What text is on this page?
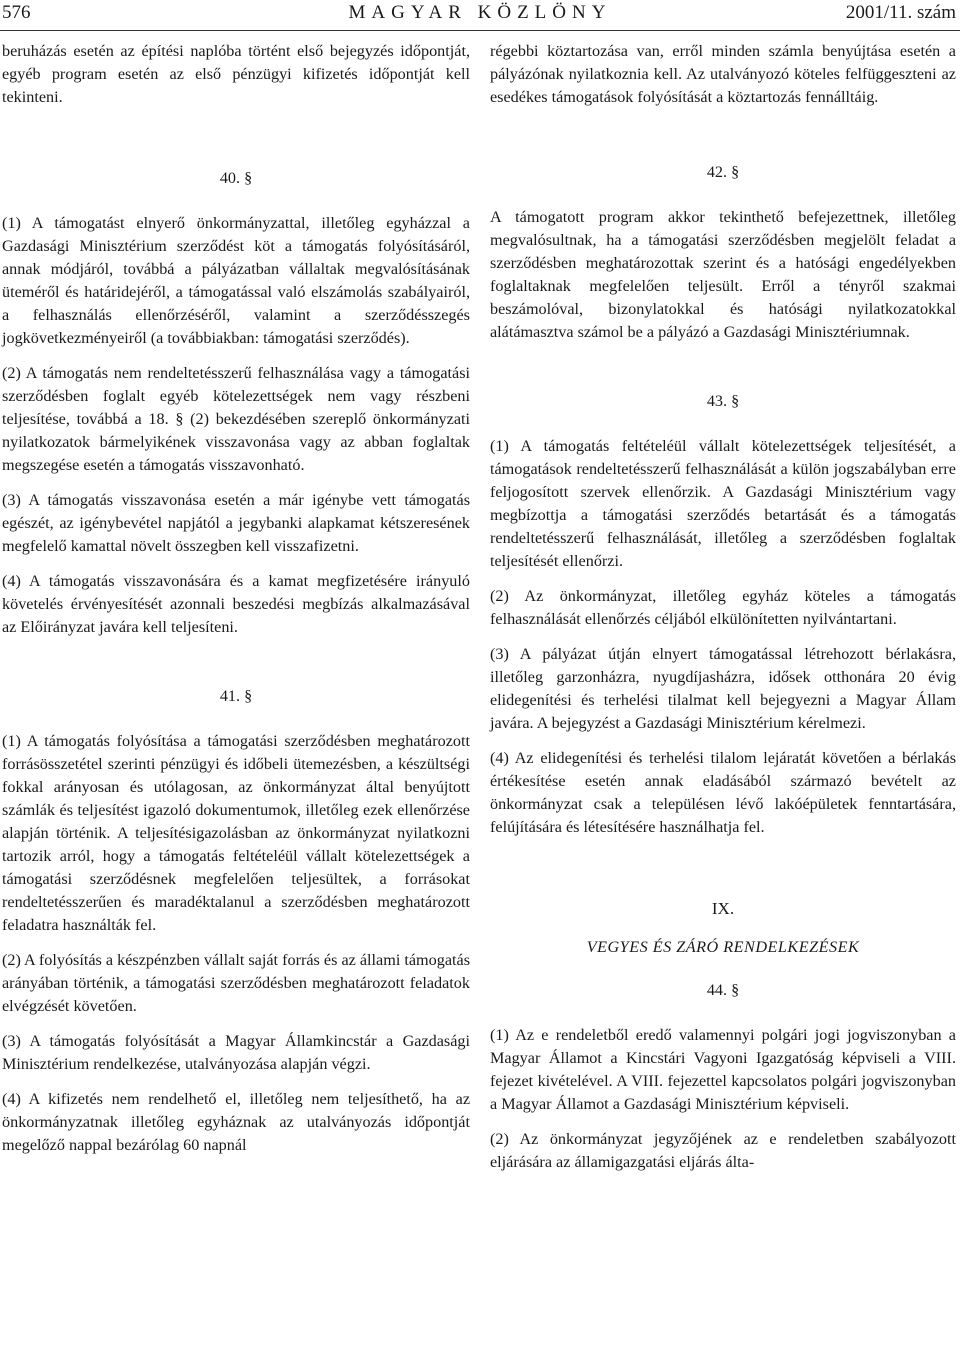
576	MAGYAR KÖZLÖNY	2001/11. szám

beruházás esetén az építési naplóba történt első bejegyzés időpontját, egyéb program esetén az első pénzügyi kifizetés időpontját kell tekinteni.

40. §

(1) A támogatást elnyerő önkormányzattal, illetőleg egyházzal a Gazdasági Minisztérium szerződést köt a támogatás folyósításáról, annak módjáról, továbbá a pályázatban vállaltak megvalósításának üteméről és határidejéről, a támogatással való elszámolás szabályairól, a felhasználás ellenőrzéséről, valamint a szerződésszegés jogkövetkezményeiről (a továbbiakban: támogatási szerződés).

(2) A támogatás nem rendeltetésszerű felhasználása vagy a támogatási szerződésben foglalt egyéb kötelezettségek nem vagy részbeni teljesítése, továbbá a 18. § (2) bekezdésében szereplő önkormányzati nyilatkozatok bármelyikének visszavonása vagy az abban foglaltak megszegése esetén a támogatás visszavonható.

(3) A támogatás visszavonása esetén a már igénybe vett támogatás egészét, az igénybevétel napjától a jegybanki alapkamat kétszeresének megfelelő kamattal növelt összegben kell visszafizetni.

(4) A támogatás visszavonására és a kamat megfizetésére irányuló követelés érvényesítését azonnali beszedési megbízás alkalmazásával az Előirányzat javára kell teljesíteni.

41. §

(1) A támogatás folyósítása a támogatási szerződésben meghatározott forrásösszetétel szerinti pénzügyi és időbeli ütemezésben, a készültségi fokkal arányosan és utólagosan, az önkormányzat által benyújtott számlák és teljesítést igazoló dokumentumok, illetőleg ezek ellenőrzése alapján történik. A teljesítésigazolásban az önkormányzat nyilatkozni tartozik arról, hogy a támogatás feltételéül vállalt kötelezettségek a támogatási szerződésnek megfelelően teljesültek, a forrásokat rendeltetésszerűen és maradéktalanul a szerződésben meghatározott feladatra használták fel.

(2) A folyósítás a készpénzben vállalt saját forrás és az állami támogatás arányában történik, a támogatási szerződésben meghatározott feladatok elvégzését követően.

(3) A támogatás folyósítását a Magyar Államkincstár a Gazdasági Minisztérium rendelkezése, utalványozása alapján végzi.

(4) A kifizetés nem rendelhető el, illetőleg nem teljesíthető, ha az önkormányzatnak illetőleg egyháznak az utalványozás időpontját megelőző nappal bezárólag 60 napnál

régebbi köztartozása van, erről minden számla benyújtása esetén a pályázónak nyilatkoznia kell. Az utalványozó köteles felfüggeszteni az esedékes támogatások folyósítását a köztartozás fennálltáig.

42. §

A támogatott program akkor tekinthető befejezettnek, illetőleg megvalósultnak, ha a támogatási szerződésben megjelölt feladat a szerződésben meghatározottak szerint és a hatósági engedélyekben foglaltaknak megfelelően teljesült. Erről a tényről szakmai beszámolóval, bizonylatokkal és hatósági nyilatkozatokkal alátámasztva számol be a pályázó a Gazdasági Minisztériumnak.

43. §

(1) A támogatás feltételéül vállalt kötelezettségek teljesítését, a támogatások rendeltetésszerű felhasználását a külön jogszabályban erre feljogosított szervek ellenőrzik. A Gazdasági Minisztérium vagy megbízottja a támogatási szerződés betartását és a támogatás rendeltetésszerű felhasználását, illetőleg a szerződésben foglaltak teljesítését ellenőrzi.

(2) Az önkormányzat, illetőleg egyház köteles a támogatás felhasználását ellenőrzés céljából elkülönítetten nyilvántartani.

(3) A pályázat útján elnyert támogatással létrehozott bérlakásra, illetőleg garzonházra, nyugdíjasházra, idősek otthonára 20 évig elidegenítési és terhelési tilalmat kell bejegyezni a Magyar Állam javára. A bejegyzést a Gazdasági Minisztérium kérelmezi.

(4) Az elidegenítési és terhelési tilalom lejáratát követően a bérlakás értékesítése esetén annak eladásából származó bevételt az önkormányzat csak a településen lévő lakóépületek fenntartására, felújítására és létesítésére használhatja fel.

IX.
VEGYES ÉS ZÁRÓ RENDELKEZÉSEK
44. §

(1) Az e rendeletből eredő valamennyi polgári jogi jogviszonyban a Magyar Államot a Kincstári Vagyoni Igazgatóság képviseli a VIII. fejezet kivételével. A VIII. fejezettel kapcsolatos polgári jogviszonyban a Magyar Államot a Gazdasági Minisztérium képviseli.

(2) Az önkormányzat jegyzőjének az e rendeletben szabályozott eljárására az államigazgatási eljárás álta-
